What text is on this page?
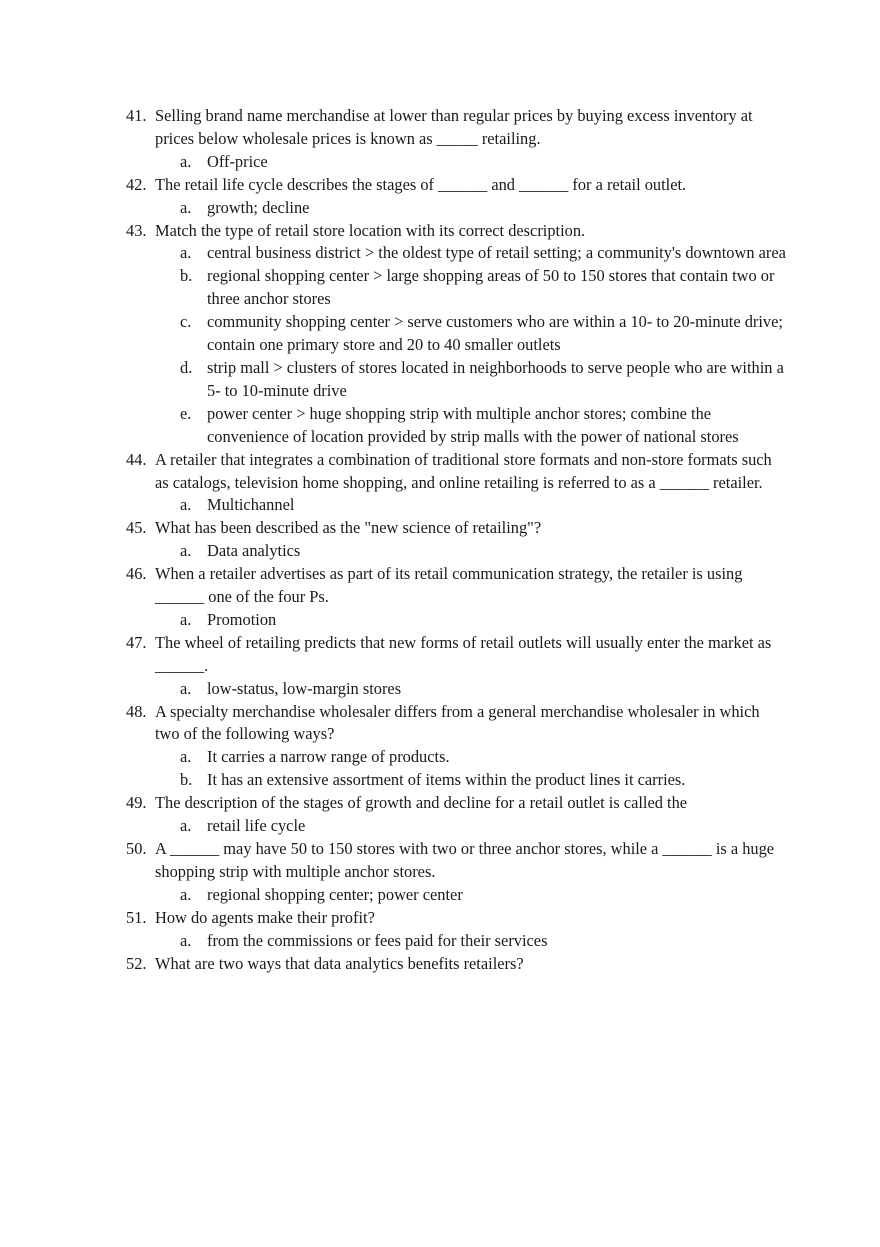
41. Selling brand name merchandise at lower than regular prices by buying excess inventory at prices below wholesale prices is known as _____ retailing.
a. Off-price
42. The retail life cycle describes the stages of ______ and ______ for a retail outlet.
a. growth; decline
43. Match the type of retail store location with its correct description.
a. central business district > the oldest type of retail setting; a community's downtown area
b. regional shopping center > large shopping areas of 50 to 150 stores that contain two or three anchor stores
c. community shopping center > serve customers who are within a 10- to 20-minute drive; contain one primary store and 20 to 40 smaller outlets
d. strip mall > clusters of stores located in neighborhoods to serve people who are within a 5- to 10-minute drive
e. power center > huge shopping strip with multiple anchor stores; combine the convenience of location provided by strip malls with the power of national stores
44. A retailer that integrates a combination of traditional store formats and non-store formats such as catalogs, television home shopping, and online retailing is referred to as a ______ retailer.
a. Multichannel
45. What has been described as the "new science of retailing"?
a. Data analytics
46. When a retailer advertises as part of its retail communication strategy, the retailer is using ______ one of the four Ps.
a. Promotion
47. The wheel of retailing predicts that new forms of retail outlets will usually enter the market as ______.
a. low-status, low-margin stores
48. A specialty merchandise wholesaler differs from a general merchandise wholesaler in which two of the following ways?
a. It carries a narrow range of products.
b. It has an extensive assortment of items within the product lines it carries.
49. The description of the stages of growth and decline for a retail outlet is called the
a. retail life cycle
50. A ______ may have 50 to 150 stores with two or three anchor stores, while a ______ is a huge shopping strip with multiple anchor stores.
a. regional shopping center; power center
51. How do agents make their profit?
a. from the commissions or fees paid for their services
52. What are two ways that data analytics benefits retailers?
